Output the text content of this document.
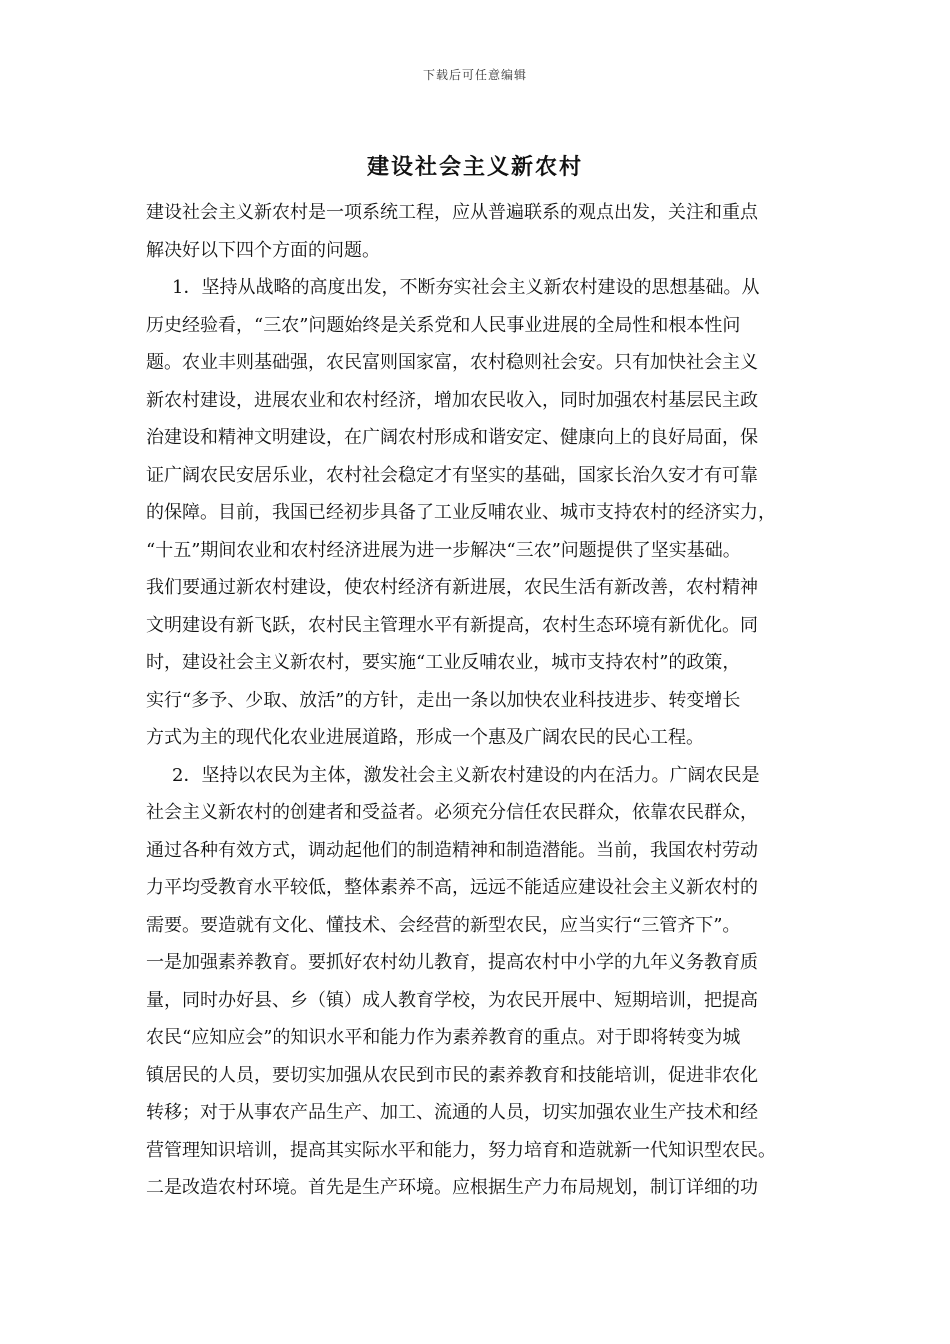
下载后可任意编辑
建设社会主义新农村
建设社会主义新农村是一项系统工程，应从普遍联系的观点出发，关注和重点
解决好以下四个方面的问题。
1．坚持从战略的高度出发，不断夯实社会主义新农村建设的思想基础。从
历史经验看，“三农”问题始终是关系党和人民事业进展的全局性和根本性问
题。农业丰则基础强，农民富则国家富，农村稳则社会安。只有加快社会主义
新农村建设，进展农业和农村经济，增加农民收入，同时加强农村基层民主政
治建设和精神文明建设，在广阔农村形成和谐安定、健康向上的良好局面，保
证广阔农民安居乐业，农村社会稳定才有坚实的基础，国家长治久安才有可靠
的保障。目前，我国已经初步具备了工业反哺农业、城市支持农村的经济实力，
“十五”期间农业和农村经济进展为进一步解决“三农”问题提供了坚实基础。
我们要通过新农村建设，使农村经济有新进展，农民生活有新改善，农村精神
文明建设有新飞跃，农村民主管理水平有新提高，农村生态环境有新优化。同
时，建设社会主义新农村，要实施“工业反哺农业，城市支持农村”的政策，
实行“多予、少取、放活”的方针，走出一条以加快农业科技进步、转变增长
方式为主的现代化农业进展道路，形成一个惠及广阔农民的民心工程。
2．坚持以农民为主体，激发社会主义新农村建设的内在活力。广阔农民是
社会主义新农村的创建者和受益者。必须充分信任农民群众，依靠农民群众，
通过各种有效方式，调动起他们的制造精神和制造潜能。当前，我国农村劳动
力平均受教育水平较低，整体素养不高，远远不能适应建设社会主义新农村的
需要。要造就有文化、懂技术、会经营的新型农民，应当实行“三管齐下”。
一是加强素养教育。要抓好农村幼儿教育，提高农村中小学的九年义务教育质
量，同时办好县、乡（镇）成人教育学校，为农民开展中、短期培训，把提高
农民“应知应会”的知识水平和能力作为素养教育的重点。对于即将转变为城
镇居民的人员，要切实加强从农民到市民的素养教育和技能培训，促进非农化
转移；对于从事农产品生产、加工、流通的人员，切实加强农业生产技术和经
营管理知识培训，提高其实际水平和能力，努力培育和造就新一代知识型农民。
二是改造农村环境。首先是生产环境。应根据生产力布局规划，制订详细的功
